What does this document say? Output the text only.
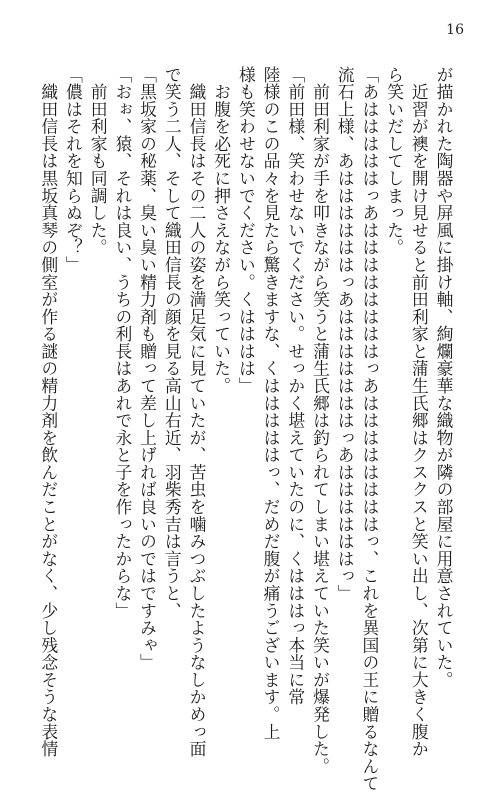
16

が描かれた陶器や屏風に掛け軸、絢爛豪華な織物が隣の部屋に用意されていた。

　近習が襖を開け見せると前田利家と蒲生氏郷はクスクスと笑い出し、次第に大きく腹か

ら笑いだしてしまった。

「あはははははっあははははははははっあははははははははっ、これを異国の王に贈るなんて

流石上様、あははははははっあはははははははっあははははははっ」

　前田利家が手を叩きながら笑うと蒲生氏郷は釣られてしまい堪えていた笑いが爆発した。

「前田様、笑わせないでください。せっかく堪えていたのに、くはははっ本当に常

陸様のこの品々を見たら驚きますな、くはははははっ、だめだ腹が痛うございます。上

様も笑わせないでください。くはははは」

　お腹を必死に押さえながら笑っていた。

　織田信長はその二人の姿を満足気に見ていたが、苦虫を噛みつぶしたようなしかめっ面

で笑う二人、そして織田信長の顔を見る高山右近、羽柴秀吉は言うと、

「黒坂家の秘薬、臭い臭い精力剤も贈って差し上げれば良いのではですみゃ」

「おぉ、猿、それは良い、うちの利長はあれで永と子を作ったからな」

　前田利家も同調した。

「儂はそれを知らぬぞ？」

　織田信長は黒坂真琴の側室が作る謎の精力剤を飲んだことがなく、少し残念そうな表情
